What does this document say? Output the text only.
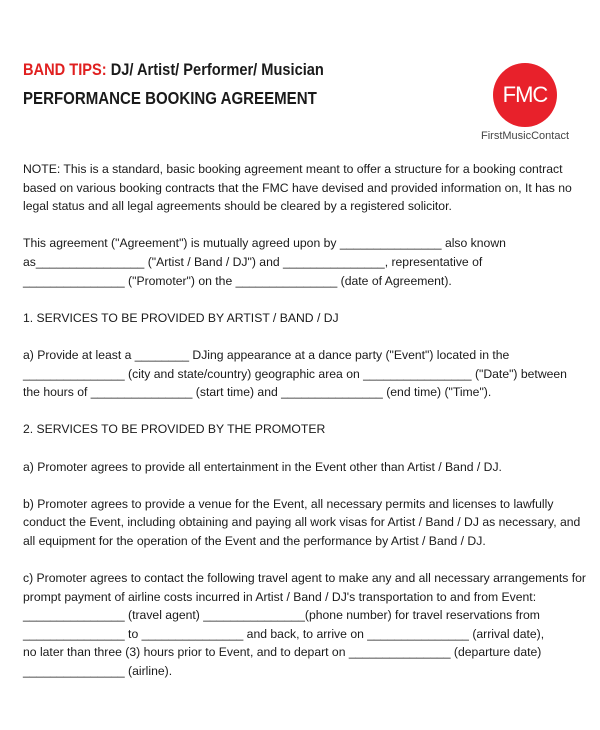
BAND TIPS: DJ/ Artist/ Performer/ Musician
PERFORMANCE BOOKING AGREEMENT	FMC
FirstMusicContact
NOTE: This is a standard, basic booking agreement meant to offer a structure for a booking contract
based on various booking contracts that the FMC have devised and provided information on, It has no
legal status and all legal agreements should be cleared by a registered solicitor.
This agreement ("Agreement") is mutually agreed upon by _______________ also known
as________________ ("Artist / Band / DJ") and _______________, representative of
_______________ ("Promoter") on the _______________ (date of Agreement).
1. SERVICES TO BE PROVIDED BY ARTIST / BAND / DJ
a) Provide at least a ________ DJing appearance at a dance party ("Event") located in the
_______________ (city and state/country) geographic area on ________________ ("Date") between
the hours of _______________ (start time) and _______________ (end time) ("Time").
2. SERVICES TO BE PROVIDED BY THE PROMOTER
a) Promoter agrees to provide all entertainment in the Event other than Artist / Band / DJ.
b) Promoter agrees to provide a venue for the Event, all necessary permits and licenses to lawfully
conduct the Event, including obtaining and paying all work visas for Artist / Band / DJ as necessary, and
all equipment for the operation of the Event and the performance by Artist / Band / DJ.
c) Promoter agrees to contact the following travel agent to make any and all necessary arrangements for
prompt payment of airline costs incurred in Artist / Band / DJ's transportation to and from Event:
_______________ (travel agent) _______________(phone number) for travel reservations from
_______________ to _______________ and back, to arrive on _______________ (arrival date),
no later than three (3) hours prior to Event, and to depart on _______________ (departure date)
_______________ (airline).
